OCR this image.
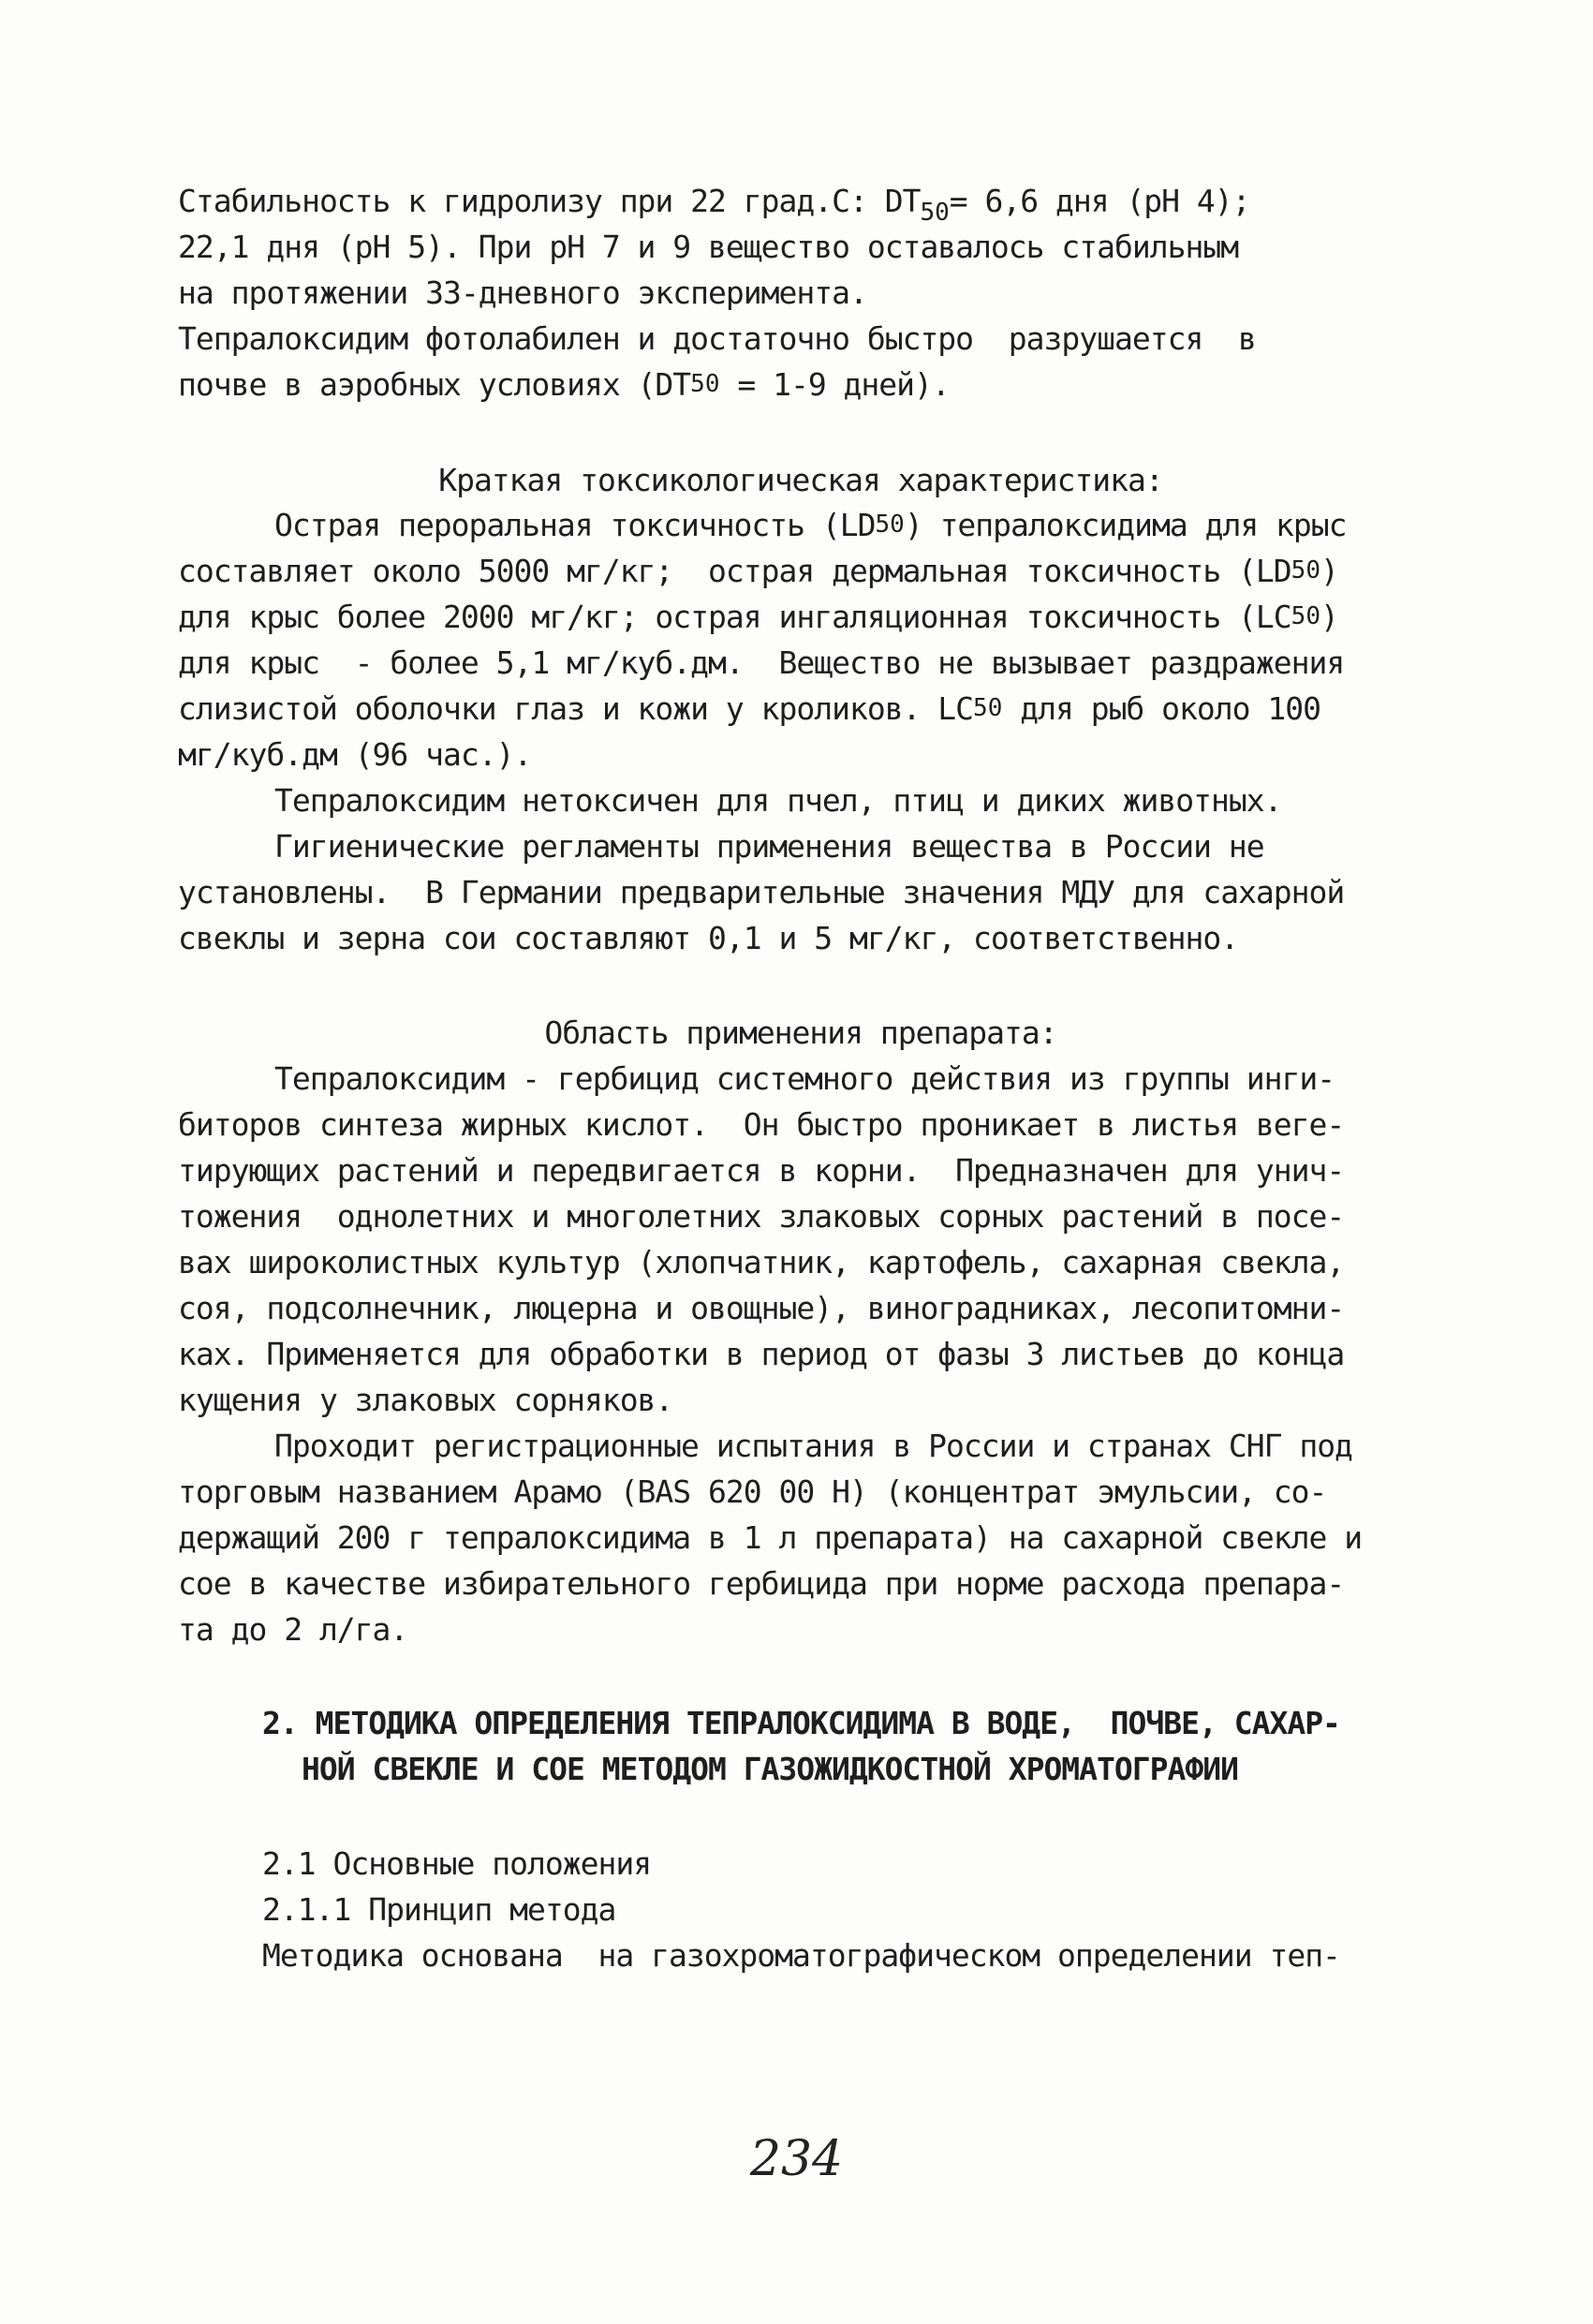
Стабильность к гидролизу при 22 град.С: $DT_{50}= 6,6$ дня (pH 4);
22,1 дня (pH 5). При pH 7 и 9 вещество оставалось стабильным
на протяжении 33-дневного эксперимента.
Тепралоксидим фотолабилен и достаточно быстро  разрушается  в
почве в аэробных условиях (DT 50 = 1-9 дней).
Краткая токсикологическая характеристика:
Острая пероральная токсичность (LD 50 ) тепралоксидима для крыс
составляет около 5000 мг/кг;  острая дермальная токсичность (LD 50 )
для крыс более 2000 мг/кг; острая ингаляционная токсичность (LC 50 )
для крыс  - более 5,1 мг/куб.дм.  Вещество не вызывает раздражения
слизистой оболочки глаз и кожи у кроликов. LC 50 для рыб около 100
мг/куб.дм (96 час.).
Тепралоксидим нетоксичен для пчел, птиц и диких животных.
Гигиенические регламенты применения вещества в России не
установлены.  В Германии предварительные значения МДУ для сахарной
свеклы и зерна сои составляют 0,1 и 5 мг/кг, соответственно.
Область применения препарата:
Тепралоксидим - гербицид системного действия из группы инги-
биторов синтеза жирных кислот.  Он быстро проникает в листья веге-
тирующих растений и передвигается в корни.  Предназначен для унич-
тожения  однолетних и многолетних злаковых сорных растений в посе-
вах широколистных культур (хлопчатник, картофель, сахарная свекла,
соя, подсолнечник, люцерна и овощные), виноградниках, лесопитомни-
ках. Применяется для обработки в период от фазы 3 листьев до конца
кущения у злаковых сорняков.
Проходит регистрационные испытания в России и странах СНГ под
торговым названием Арамо (BAS 620 00 H) (концентрат эмульсии, со-
держащий 200 г тепралоксидима в 1 л препарата) на сахарной свекле и
сое в качестве избирательного гербицида при норме расхода препара-
та до 2 л/га.
2. МЕТОДИКА ОПРЕДЕЛЕНИЯ ТЕПРАЛОКСИДИМА В ВОДЕ,  ПОЧВЕ, САХАР-
НОЙ СВЕКЛЕ И СОЕ МЕТОДОМ ГАЗОЖИДКОСТНОЙ ХРОМАТОГРАФИИ
2.1 Основные положения
2.1.1 Принцип метода
Методика основана  на газохроматографическом определении теп-
234
